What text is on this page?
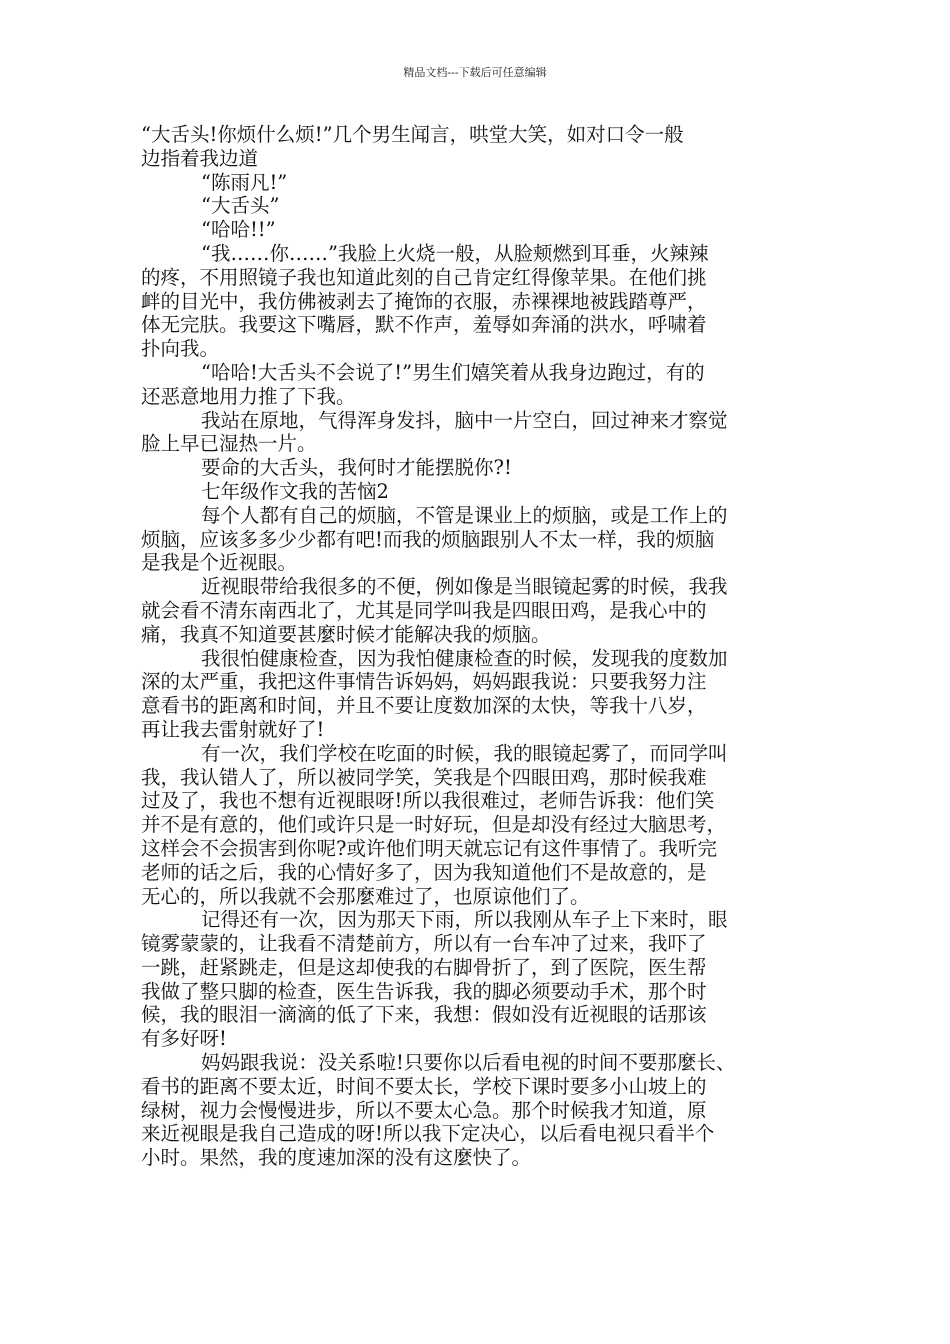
精品文档---下载后可任意编辑
“大舌头!你烦什么烦!”几个男生闻言，哄堂大笑，如对口令一般
边指着我边道
“陈雨凡!”
“大舌头”
“哈哈!!”
“我……你……”我脸上火烧一般，从脸颊燃到耳垂，火辣辣
的疼，不用照镜子我也知道此刻的自己肯定红得像苹果。在他们挑
衅的目光中，我仿佛被剥去了掩饰的衣服，赤裸裸地被践踏尊严，
体无完肤。我要这下嘴唇，默不作声，羞辱如奔涌的洪水，呼啸着
扑向我。
“哈哈!大舌头不会说了!”男生们嬉笑着从我身边跑过，有的
还恶意地用力推了下我。
我站在原地，气得浑身发抖，脑中一片空白，回过神来才察觉
脸上早已湿热一片。
要命的大舌头，我何时才能摆脱你?!
七年级作文我的苦恼2
每个人都有自己的烦脑，不管是课业上的烦脑，或是工作上的
烦脑，应该多多少少都有吧!而我的烦脑跟别人不太一样，我的烦脑
是我是个近视眼。
近视眼带给我很多的不便，例如像是当眼镜起雾的时候，我我
就会看不清东南西北了，尤其是同学叫我是四眼田鸡，是我心中的
痛，我真不知道要甚麼时候才能解决我的烦脑。
我很怕健康检查，因为我怕健康检查的时候，发现我的度数加
深的太严重，我把这件事情告诉妈妈，妈妈跟我说：只要我努力注
意看书的距离和时间，并且不要让度数加深的太快，等我十八岁，
再让我去雷射就好了!
有一次，我们学校在吃面的时候，我的眼镜起雾了，而同学叫
我，我认错人了，所以被同学笑，笑我是个四眼田鸡，那时候我难
过及了，我也不想有近视眼呀!所以我很难过，老师告诉我：他们笑
并不是有意的，他们或许只是一时好玩，但是却没有经过大脑思考，
这样会不会损害到你呢?或许他们明天就忘记有这件事情了。我听完
老师的话之后，我的心情好多了，因为我知道他们不是故意的，是
无心的，所以我就不会那麼难过了，也原谅他们了。
记得还有一次，因为那天下雨，所以我刚从车子上下来时，眼
镜雾蒙蒙的，让我看不清楚前方，所以有一台车冲了过来，我吓了
一跳，赶紧跳走，但是这却使我的右脚骨折了，到了医院，医生帮
我做了整只脚的检查，医生告诉我，我的脚必须要动手术，那个时
候，我的眼泪一滴滴的低了下来，我想：假如没有近视眼的话那该
有多好呀!
妈妈跟我说：没关系啦!只要你以后看电视的时间不要那麼长、
看书的距离不要太近，时间不要太长，学校下课时要多小山坡上的
绿树，视力会慢慢进步，所以不要太心急。那个时候我才知道，原
来近视眼是我自己造成的呀!所以我下定决心，以后看电视只看半个
小时。果然，我的度速加深的没有这麼快了。
